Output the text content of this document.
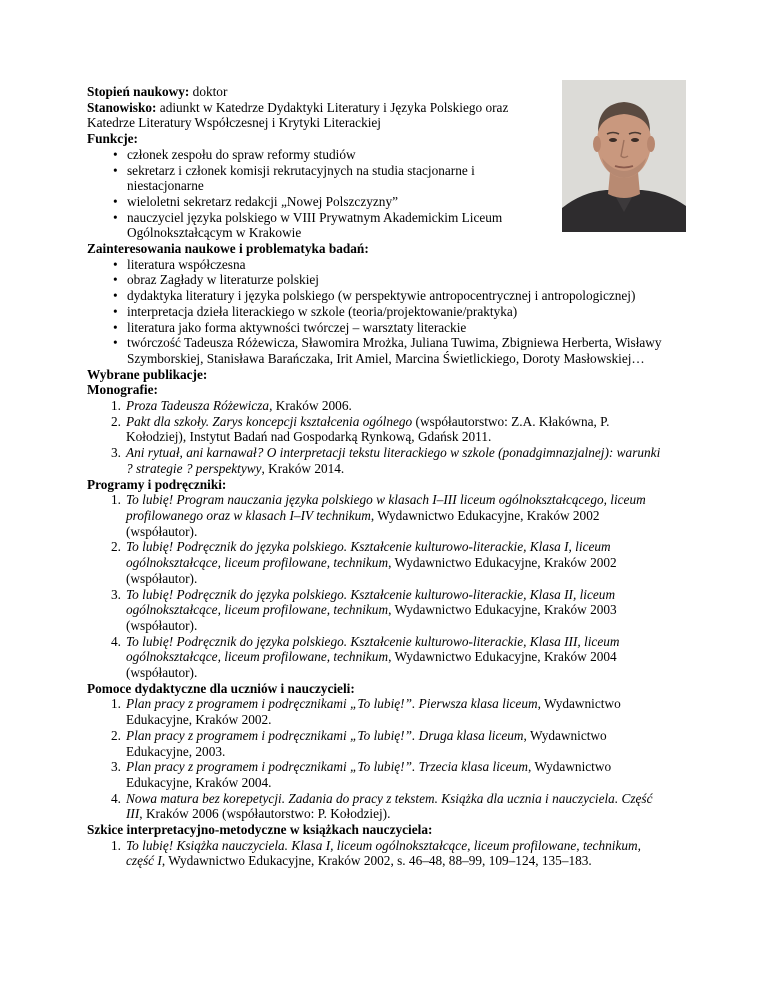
Stopień naukowy: doktor

Stanowisko: adiunkt w Katedrze Dydaktyki Literatury i Języka Polskiego oraz Katedrze Literatury Współczesnej i Krytyki Literackiej

Funkcje:

• członek zespołu do spraw reformy studiów
• sekretarz i członek komisji rekrutacyjnych na studia stacjonarne i niestacjonarne
• wieloletni sekretarz redakcji „Nowej Polszczyzny”
• nauczyciel języka polskiego w VIII Prywatnym Akademickim Liceum Ogólnokształcącym w Krakowie

Zainteresowania naukowe i problematyka badań:

• literatura współczesna
• obraz Zagłady w literaturze polskiej
• dydaktyka literatury i języka polskiego (w perspektywie antropocentrycznej i antropologicznej)
• interpretacja dzieła literackiego w szkole (teoria/projektowanie/praktyka)
• literatura jako forma aktywności twórczej – warsztaty literackie
• twórczość Tadeusza Różewicza, Sławomira Mrożka, Juliana Tuwima, Zbigniewa Herberta, Wisławy Szymborskiej, Stanisława Barańczaka, Irit Amiel, Marcina Świetlickiego, Doroty Masłowskiej…

Wybrane publikacje:

Monografie:

1. Proza Tadeusza Różewicza, Kraków 2006.
2. Pakt dla szkoły. Zarys koncepcji kształcenia ogólnego (współautorstwo: Z.A. Kłakówna, P. Kołodziej), Instytut Badań nad Gospodarką Rynkową, Gdańsk 2011.
3. Ani rytuał, ani karnawał? O interpretacji tekstu literackiego w szkole (ponadgimnazjalnej): warunki ? strategie ? perspektywy, Kraków 2014.

Programy i podręczniki:

1. To lubię! Program nauczania języka polskiego w klasach I–III liceum ogólnokształcącego, liceum profilowanego oraz w klasach I–IV technikum, Wydawnictwo Edukacyjne, Kraków 2002 (współautor).
2. To lubię! Podręcznik do języka polskiego. Kształcenie kulturowo-literackie, Klasa I, liceum ogólnokształcące, liceum profilowane, technikum, Wydawnictwo Edukacyjne, Kraków 2002 (współautor).
3. To lubię! Podręcznik do języka polskiego. Kształcenie kulturowo-literackie, Klasa II, liceum ogólnokształcące, liceum profilowane, technikum, Wydawnictwo Edukacyjne, Kraków 2003 (współautor).
4. To lubię! Podręcznik do języka polskiego. Kształcenie kulturowo-literackie, Klasa III, liceum ogólnokształcące, liceum profilowane, technikum, Wydawnictwo Edukacyjne, Kraków 2004 (współautor).

Pomoce dydaktyczne dla uczniów i nauczycieli:

1. Plan pracy z programem i podręcznikami „To lubię!”. Pierwsza klasa liceum, Wydawnictwo Edukacyjne, Kraków 2002.
2. Plan pracy z programem i podręcznikami „To lubię!”. Druga klasa liceum, Wydawnictwo Edukacyjne, 2003.
3. Plan pracy z programem i podręcznikami „To lubię!”. Trzecia klasa liceum, Wydawnictwo Edukacyjne, Kraków 2004.
4. Nowa matura bez korepetycji. Zadania do pracy z tekstem. Książka dla ucznia i nauczyciela. Część III, Kraków 2006 (współautorstwo: P. Kołodziej).

Szkice interpretacyjno-metodyczne w książkach nauczyciela:

1. To lubię! Książka nauczyciela. Klasa I, liceum ogólnokształcące, liceum profilowane, technikum, część I, Wydawnictwo Edukacyjne, Kraków 2002, s. 46–48, 88–99, 109–124, 135–183.
